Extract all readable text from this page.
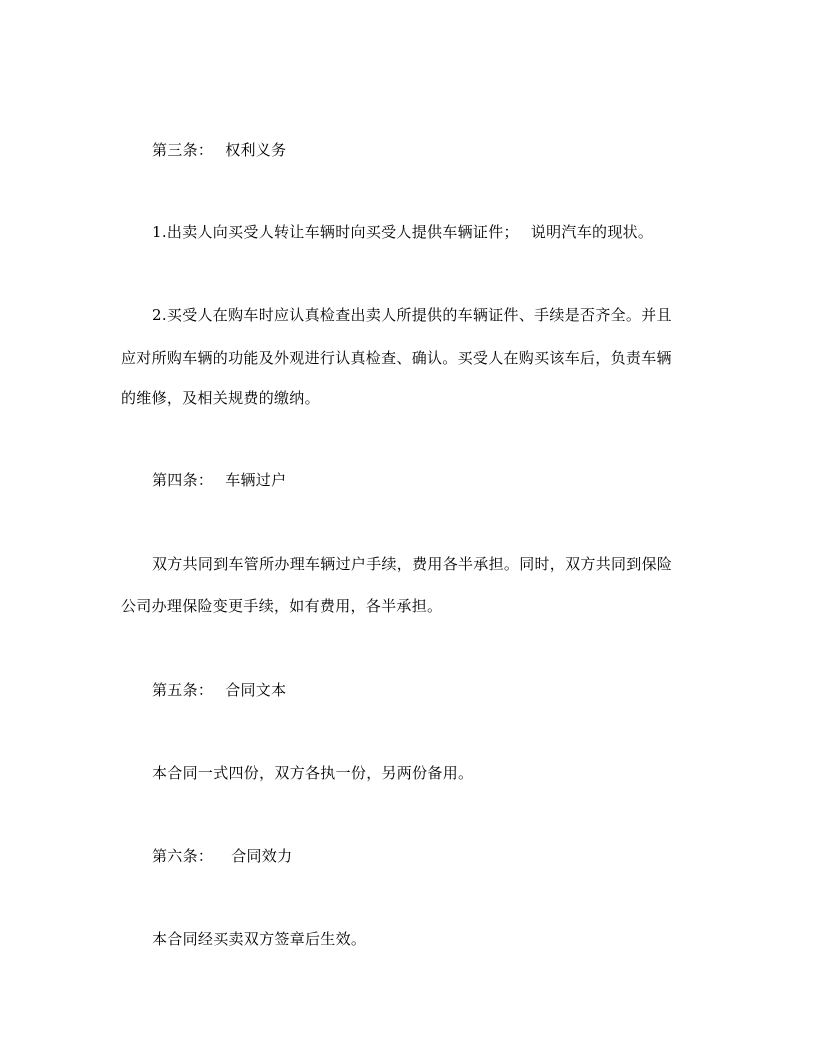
第三条： 权利义务
1.出卖人向买受人转让车辆时向买受人提供车辆证件； 说明汽车的现状。
2.买受人在购车时应认真检查出卖人所提供的车辆证件、手续是否齐全。并且
应对所购车辆的功能及外观进行认真检查、确认。买受人在购买该车后，负责车辆
的维修，及相关规费的缴纳。
第四条： 车辆过户
双方共同到车管所办理车辆过户手续，费用各半承担。同时，双方共同到保险
公司办理保险变更手续，如有费用，各半承担。
第五条： 合同文本
本合同一式四份，双方各执一份，另两份备用。
第六条： 合同效力
本合同经买卖双方签章后生效。
